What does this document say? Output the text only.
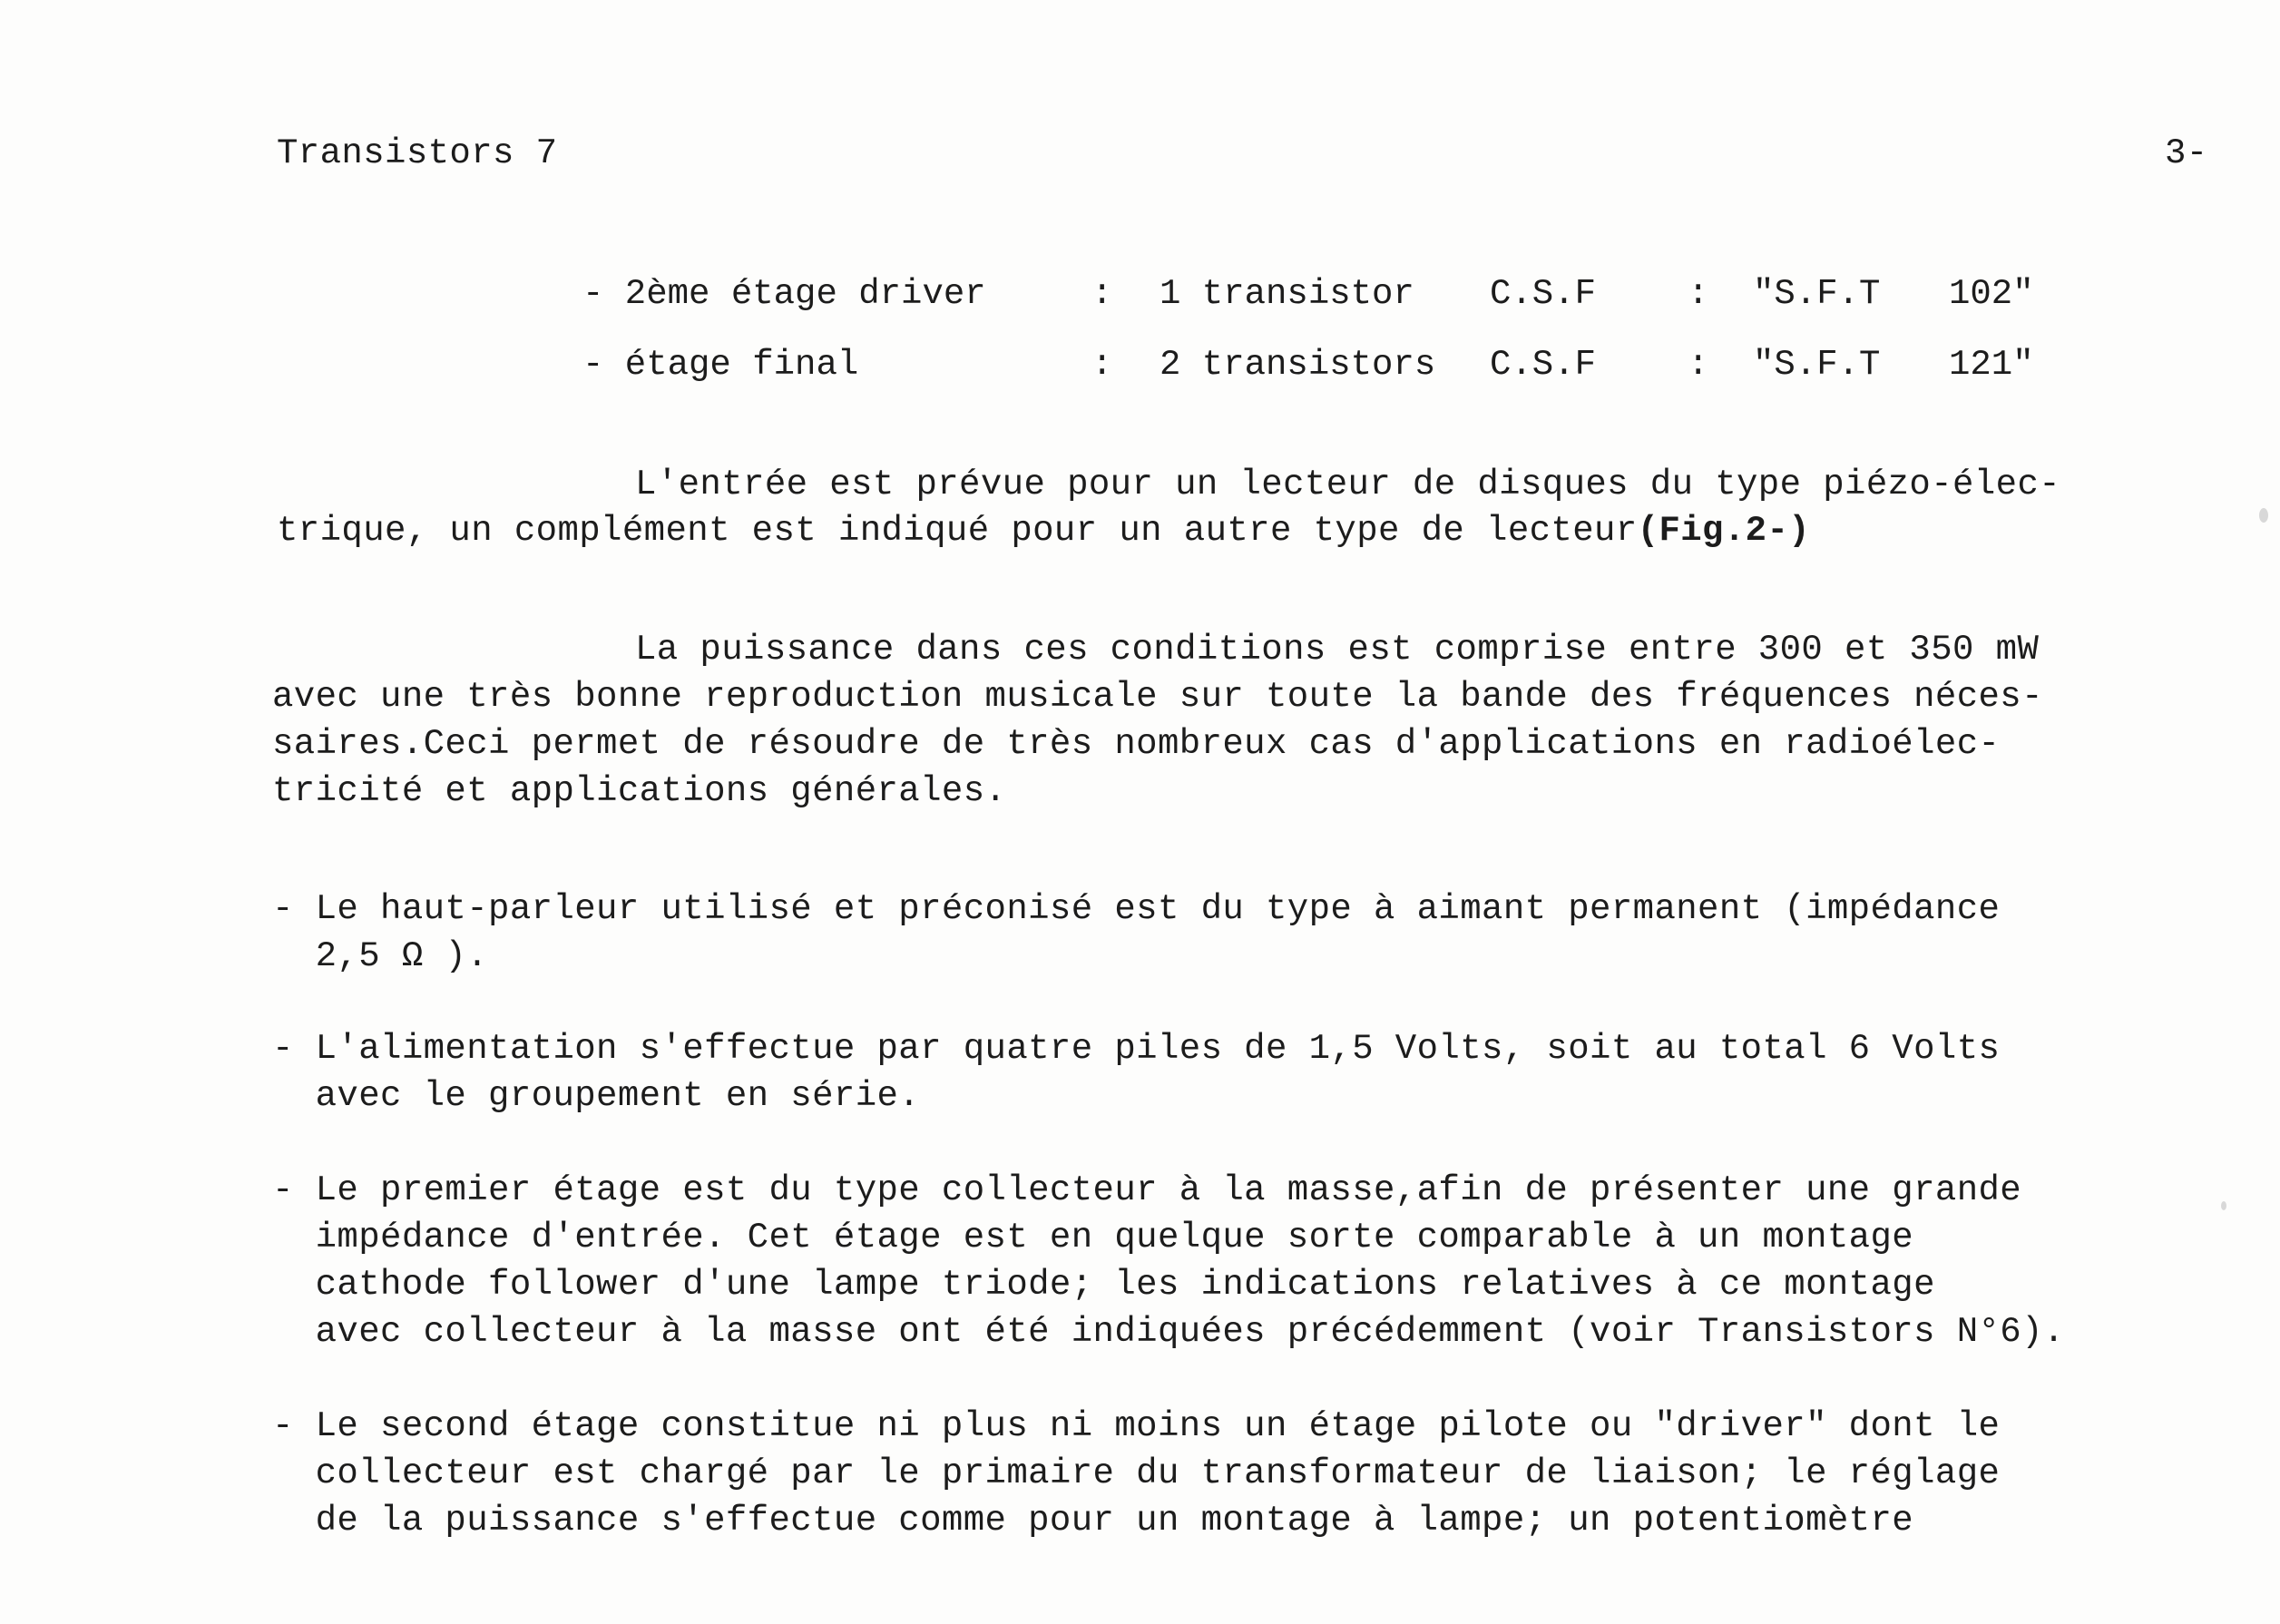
Transistors 7	3-
- 2ème étage driver	: 1 transistor C.S.F	: "S.F.T 102"
- étage final	: 2 transistors C.S.F	: "S.F.T 121"
L'entrée est prévue pour un lecteur de disques du type piézo-élec-
trique, un complément est indiqué pour un autre type de lecteur(Fig.2-)
La puissance dans ces conditions est comprise entre 300 et 350 mW
avec une très bonne reproduction musicale sur toute la bande des fréquences néces-
saires.Ceci permet de résoudre de très nombreux cas d'applications en radioélec-
tricité et applications générales.
- Le haut-parleur utilisé et préconisé est du type à aimant permanent (impédance
2,5 Ω ).
- L'alimentation s'effectue par quatre piles de 1,5 Volts, soit au total 6 Volts
avec le groupement en série.
- Le premier étage est du type collecteur à la masse,afin de présenter une grande
impédance d'entrée. Cet étage est en quelque sorte comparable à un montage
cathode follower d'une lampe triode; les indications relatives à ce montage
avec collecteur à la masse ont été indiquées précédemment (voir Transistors N°6).
- Le second étage constitue ni plus ni moins un étage pilote ou "driver" dont le
collecteur est chargé par le primaire du transformateur de liaison; le réglage
de la puissance s'effectue comme pour un montage à lampe; un potentiomètre
